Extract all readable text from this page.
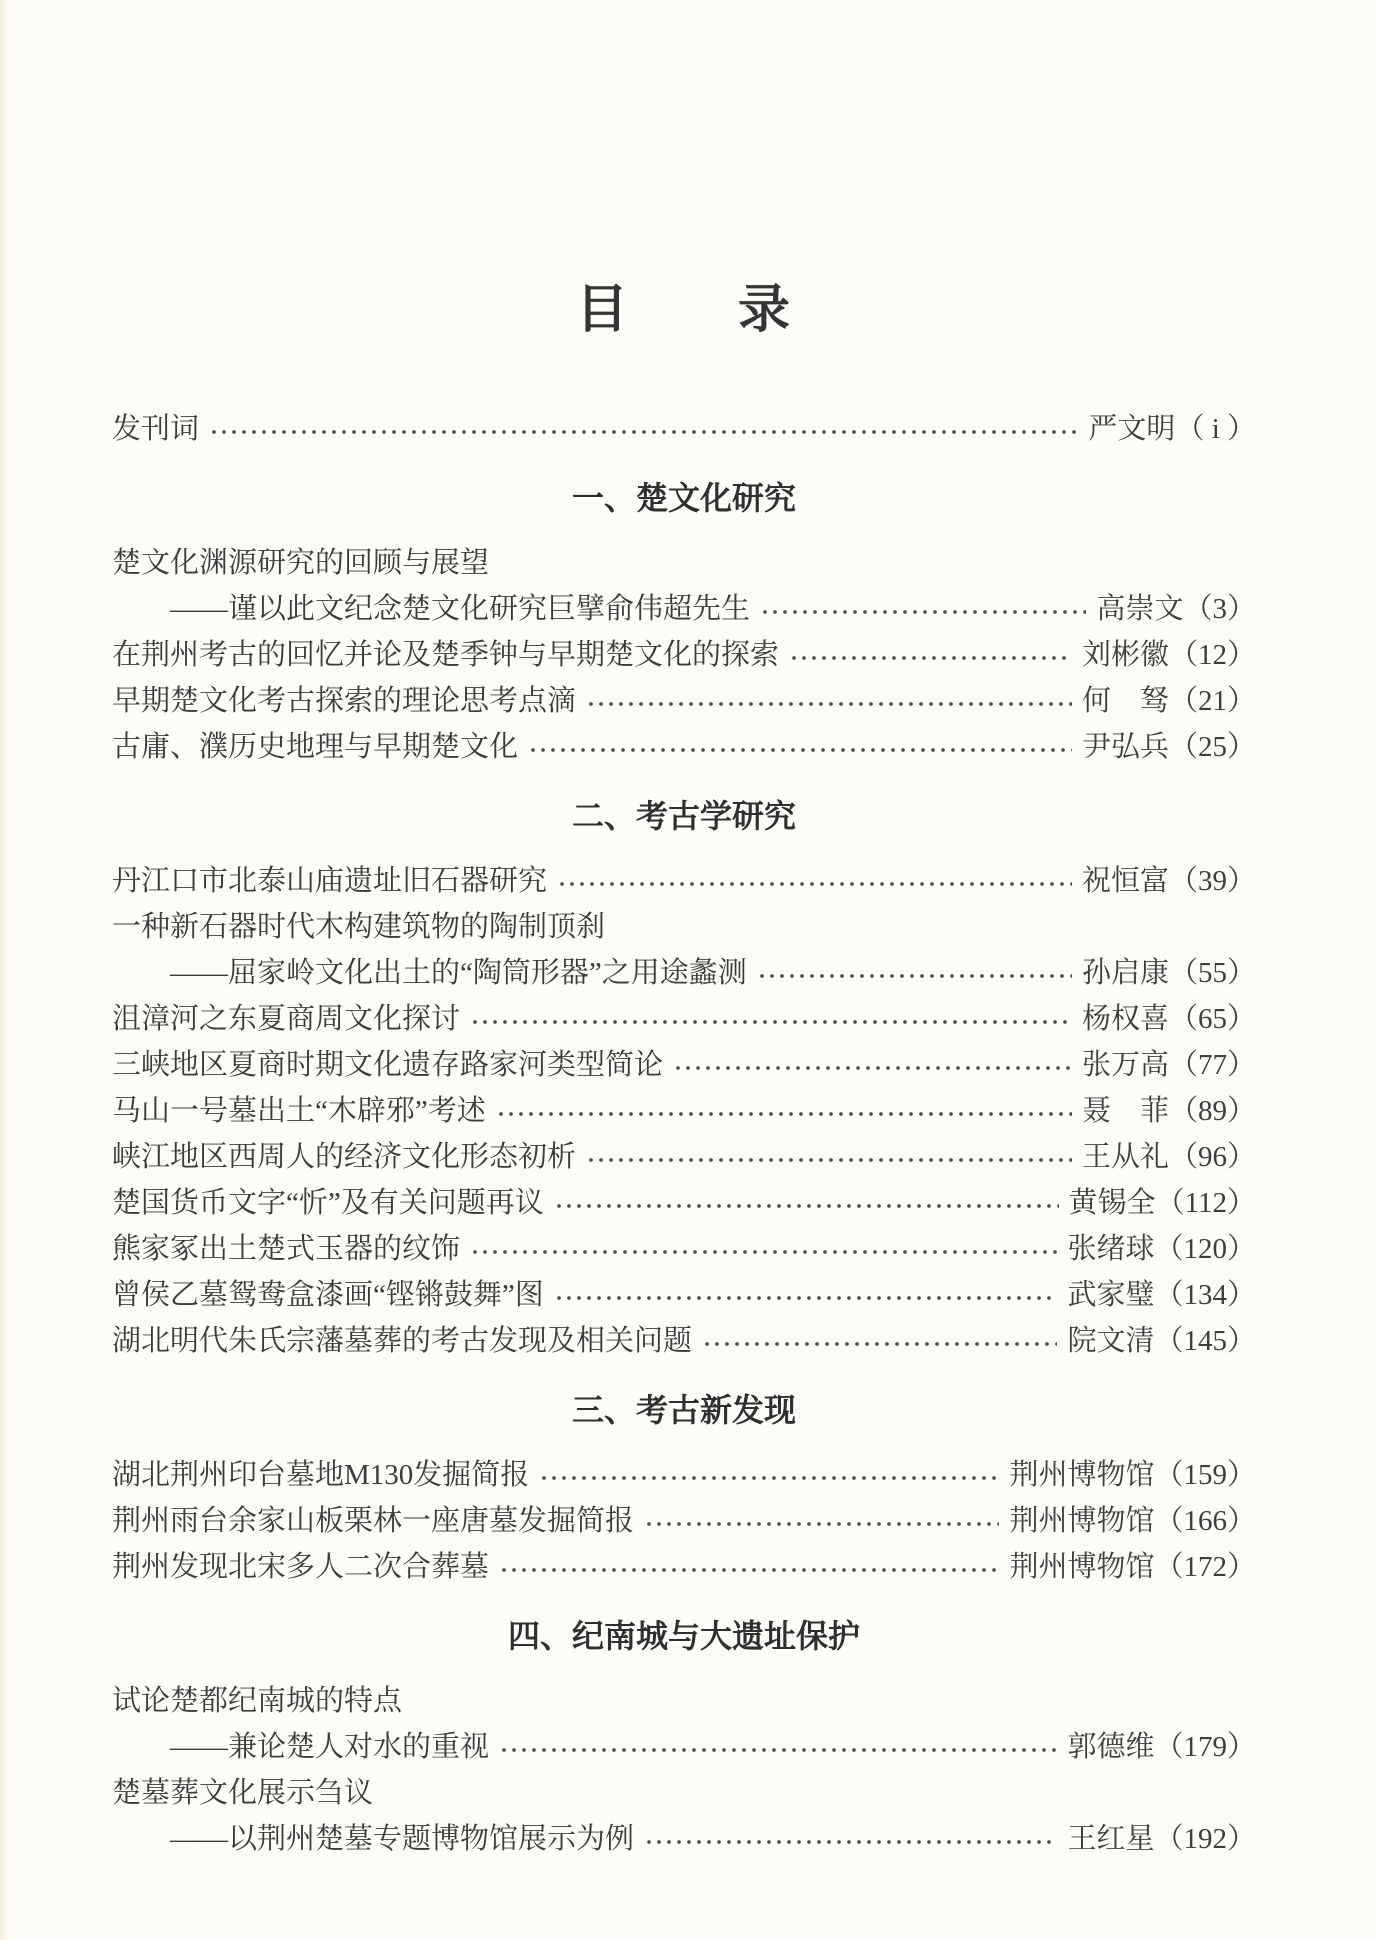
目　　录
发刊词	严文明 （ i ）
一、楚文化研究
楚文化渊源研究的回顾与展望
——谨以此文纪念楚文化研究巨擘俞伟超先生	高崇文 （3）
在荆州考古的回忆并论及楚季钟与早期楚文化的探索	刘彬徽 （12）
早期楚文化考古探索的理论思考点滴	何　驽 （21）
古庸、濮历史地理与早期楚文化	尹弘兵 （25）
二、考古学研究
丹江口市北泰山庙遗址旧石器研究	祝恒富 （39）
一种新石器时代木构建筑物的陶制顶刹
——屈家岭文化出土的“陶筒形器”之用途蠡测	孙启康 （55）
沮漳河之东夏商周文化探讨	杨权喜 （65）
三峡地区夏商时期文化遗存路家河类型简论	张万高 （77）
马山一号墓出土“木辟邪”考述	聂　菲 （89）
峡江地区西周人的经济文化形态初析	王从礼 （96）
楚国货币文字“忻”及有关问题再议	黄锡全 （112）
熊家冢出土楚式玉器的纹饰	张绪球 （120）
曾侯乙墓鸳鸯盒漆画“铿锵鼓舞”图	武家璧 （134）
湖北明代朱氏宗藩墓葬的考古发现及相关问题	院文清 （145）
三、考古新发现
湖北荆州印台墓地M130发掘简报	荆州博物馆 （159）
荆州雨台余家山板栗林一座唐墓发掘简报	荆州博物馆 （166）
荆州发现北宋多人二次合葬墓	荆州博物馆 （172）
四、纪南城与大遗址保护
试论楚都纪南城的特点
——兼论楚人对水的重视	郭德维 （179）
楚墓葬文化展示刍议
——以荆州楚墓专题博物馆展示为例	王红星 （192）
